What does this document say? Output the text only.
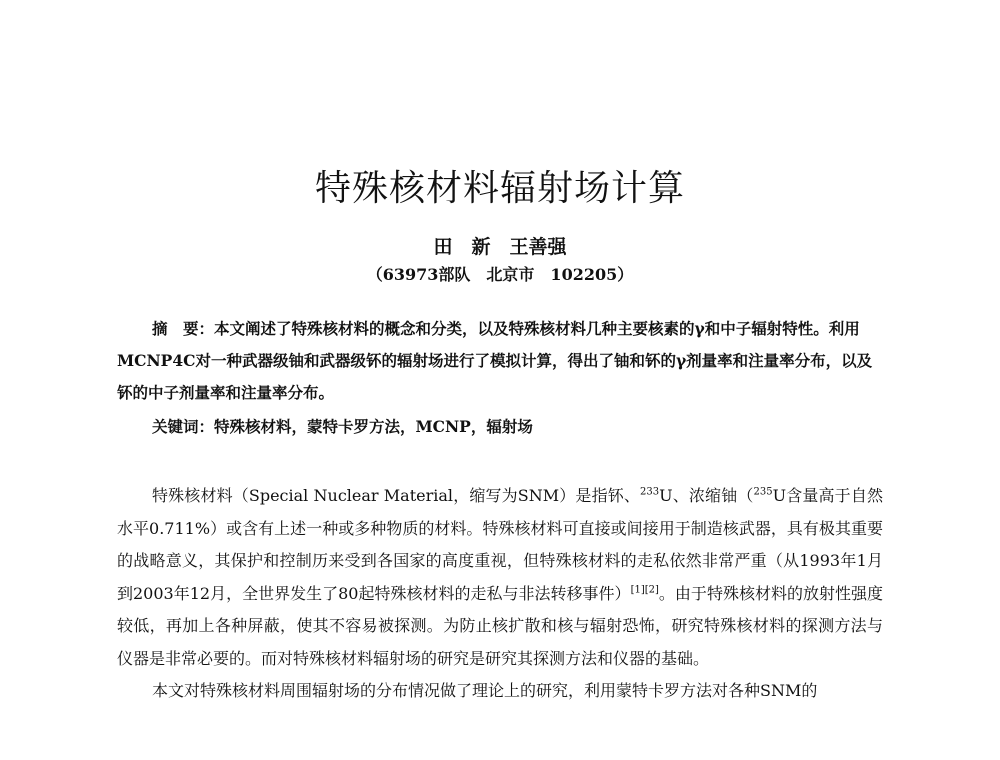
特殊核材料辐射场计算
田　新　王善强
（63973部队　北京市　102205）
摘　要：本文阐述了特殊核材料的概念和分类，以及特殊核材料几种主要核素的γ和中子辐射特性。利用MCNP4C对一种武器级铀和武器级钚的辐射场进行了模拟计算，得出了铀和钚的γ剂量率和注量率分布，以及钚的中子剂量率和注量率分布。
关键词：特殊核材料，蒙特卡罗方法，MCNP，辐射场

特殊核材料（Special Nuclear Material，缩写为SNM）是指钚、$^{233}$U、浓缩铀（$^{235}$U含量高于自然水平0.711%）或含有上述一种或多种物质的材料。特殊核材料可直接或间接用于制造核武器，具有极其重要的战略意义，其保护和控制历来受到各国家的高度重视，但特殊核材料的走私依然非常严重（从1993年1月到2003年12月，全世界发生了80起特殊核材料的走私与非法转移事件）[1][2]。由于特殊核材料的放射性强度较低，再加上各种屏蔽，使其不容易被探测。为防止核扩散和核与辐射恐怖，研究特殊核材料的探测方法与仪器是非常必要的。而对特殊核材料辐射场的研究是研究其探测方法和仪器的基础。

本文对特殊核材料周围辐射场的分布情况做了理论上的研究，利用蒙特卡罗方法对各种SNM的
